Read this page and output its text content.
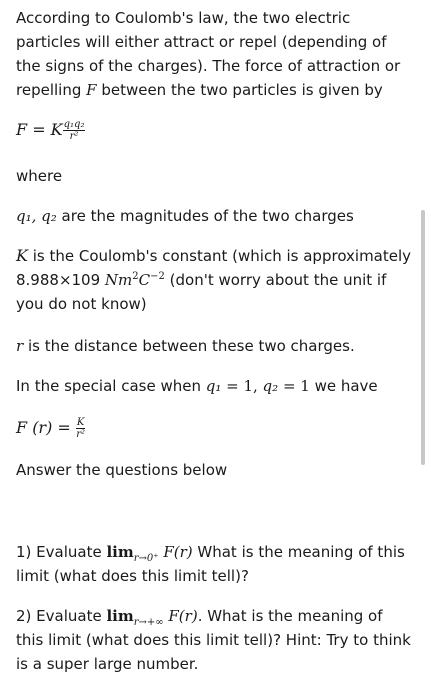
According to Coulomb's law, the two electric particles will either attract or repel (depending of the signs of the charges). The force of attraction or repelling F between the two particles is given by

F = K $\frac{\text{q₁q₂}}{\text{r²}}$

where

q₁, q₂ are the magnitudes of the two charges

K is the Coulomb's constant (which is approximately 8.988×109 $Nm^2C^{-2}$ (don't worry about the unit if you do not know)

r is the distance between these two charges.

In the special case when q₁ = 1, q₂ = 1 we have

F $(r) = \frac{K}{\text{r²}}$

Answer the questions below

1) Evaluate $\lim_{r\to 0^+} F(r)$ What is the meaning of this limit (what does this limit tell)?

2) Evaluate $\lim_{r\to+\infty} F(r)$. What is the meaning of this limit (what does this limit tell)? Hint: Try to think is a super large number.
